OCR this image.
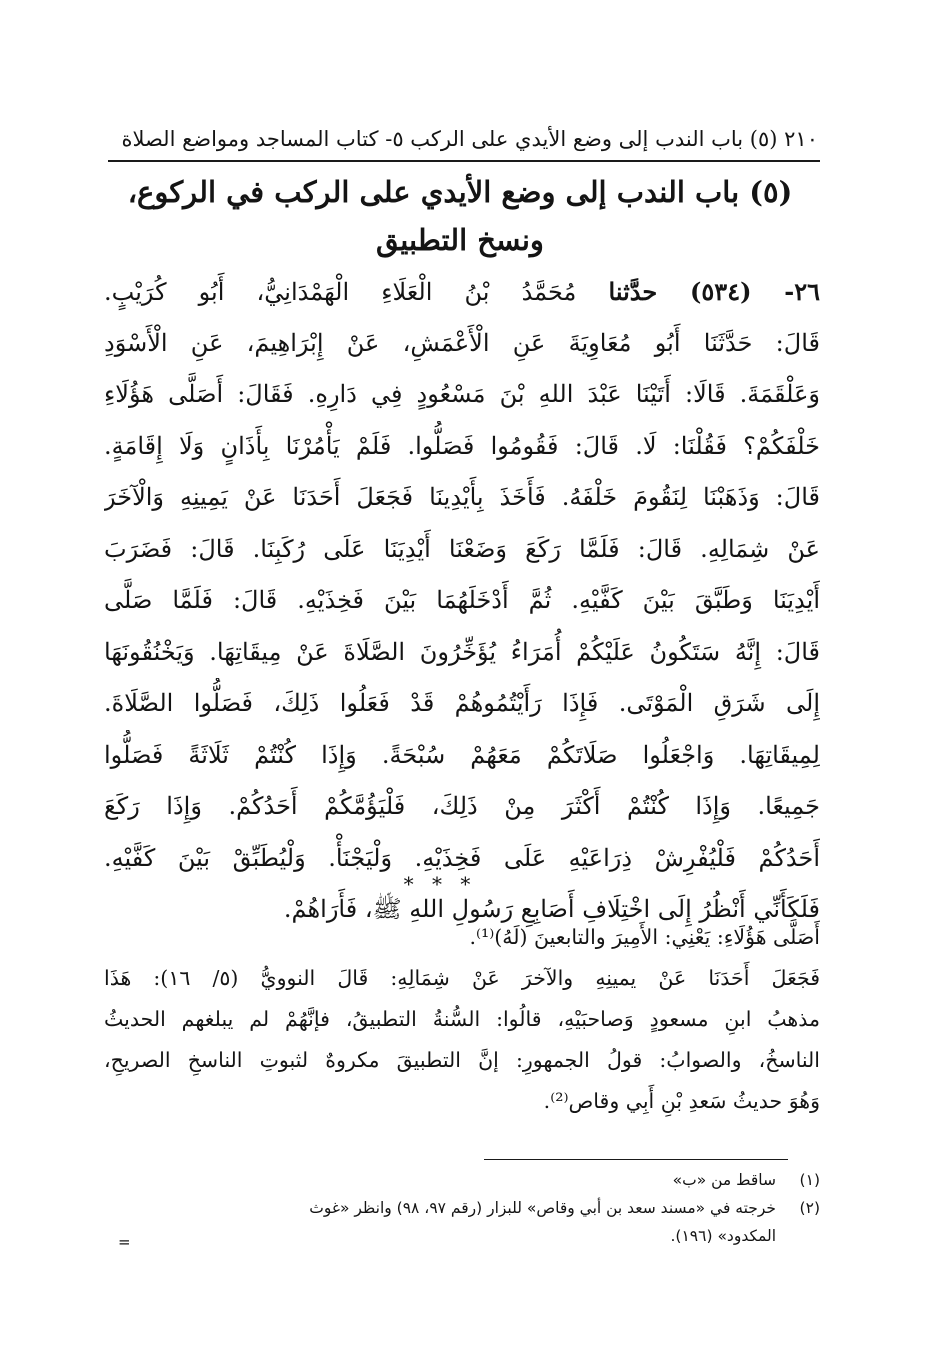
٢١٠ (٥) باب الندب إلى وضع الأيدي على الركب ٥- كتاب المساجد ومواضع الصلاة
(٥) باب الندب إلى وضع الأيدي على الركب في الركوع،
ونسخ التطبيق
٢٦- (٥٣٤) حدَّثنا مُحَمَّدُ بْنُ الْعَلَاءِ الْهَمْدَانِيُّ، أَبُو كُرَيْبٍ.
قَالَ: حَدَّثَنَا أَبُو مُعَاوِيَةَ عَنِ الْأَعْمَشِ، عَنْ إِبْرَاهِيمَ، عَنِ الْأَسْوَدِ
وَعَلْقَمَةَ. قَالَا: أَتَيْنَا عَبْدَ اللهِ بْنَ مَسْعُودٍ فِي دَارِهِ. فَقَالَ: أَصَلَّى هَؤُلَاءِ
خَلْفَكُمْ؟ فَقُلْنَا: لَا. قَالَ: فَقُومُوا فَصَلُّوا. فَلَمْ يَأْمُرْنَا بِأَذَانٍ وَلَا إِقَامَةٍ.
قَالَ: وَذَهَبْنَا لِنَقُومَ خَلْفَهُ. فَأَخَذَ بِأَيْدِينَا فَجَعَلَ أَحَدَنَا عَنْ يَمِينِهِ وَالْآخَرَ
عَنْ شِمَالِهِ. قَالَ: فَلَمَّا رَكَعَ وَضَعْنَا أَيْدِيَنَا عَلَى رُكَبِنَا. قَالَ: فَضَرَبَ
أَيْدِيَنَا وَطَبَّقَ بَيْنَ كَفَّيْهِ. ثُمَّ أَدْخَلَهُمَا بَيْنَ فَخِذَيْهِ. قَالَ: فَلَمَّا صَلَّى
قَالَ: إِنَّهُ سَتَكُونُ عَلَيْكُمْ أُمَرَاءُ يُؤَخِّرُونَ الصَّلَاةَ عَنْ مِيقَاتِهَا. وَيَخْنُقُونَهَا
إِلَى شَرَقِ الْمَوْتَى. فَإِذَا رَأَيْتُمُوهُمْ قَدْ فَعَلُوا ذَلِكَ، فَصَلُّوا الصَّلَاةَ.
لِمِيقَاتِهَا. وَاجْعَلُوا صَلَاتَكُمْ مَعَهُمْ سُبْحَةً. وَإِذَا كُنْتُمْ ثَلَاثَةً فَصَلُّوا
جَمِيعًا. وَإِذَا كُنْتُمْ أَكْثَرَ مِنْ ذَلِكَ، فَلْيَؤُمَّكُمْ أَحَدُكُمْ. وَإِذَا رَكَعَ
أَحَدُكُمْ فَلْيُفْرِشْ ذِرَاعَيْهِ عَلَى فَخِذَيْهِ. وَلْيَجْنَأْ. وَلْيُطَبِّقْ بَيْنَ كَفَّيْهِ.
فَلَكَأَنِّي أَنْظُرُ إِلَى اخْتِلَافِ أَصَابِعِ رَسُولِ اللهِ ﷺ، فَأَرَاهُمْ.
* * *
أَصَلَّى هَؤُلَاءِ: يَعْنِي: الأَمِيرَ والتابعينَ (لَهُ)⁽¹⁾.
فَجَعَلَ أَحَدَنَا عَنْ يمينِهِ والآخرَ عَنْ شِمَالِهِ: قَالَ النوويُّ (٥/ ١٦): هَذَا
مذهبُ ابنِ مسعودٍ وَصاحبَيْهِ، قالُوا: السُّنةُ التطبيقُ، فإنَّهُمْ لم يبلغهم الحديثُ
الناسخُ، والصوابُ: قولُ الجمهورِ: إنَّ التطبيقَ مكروهٌ لثبوتِ الناسخِ الصريحِ،
وَهُوَ حديثُ سَعدِ بْنِ أَبِي وقاص⁽²⁾.
(١)
ساقط من «ب»
(٢)
خرجته في «مسند سعد بن أبي وقاص» للبزار (رقم ٩٧، ٩٨) وانظر «غوث
المكدود» (١٩٦).
=
